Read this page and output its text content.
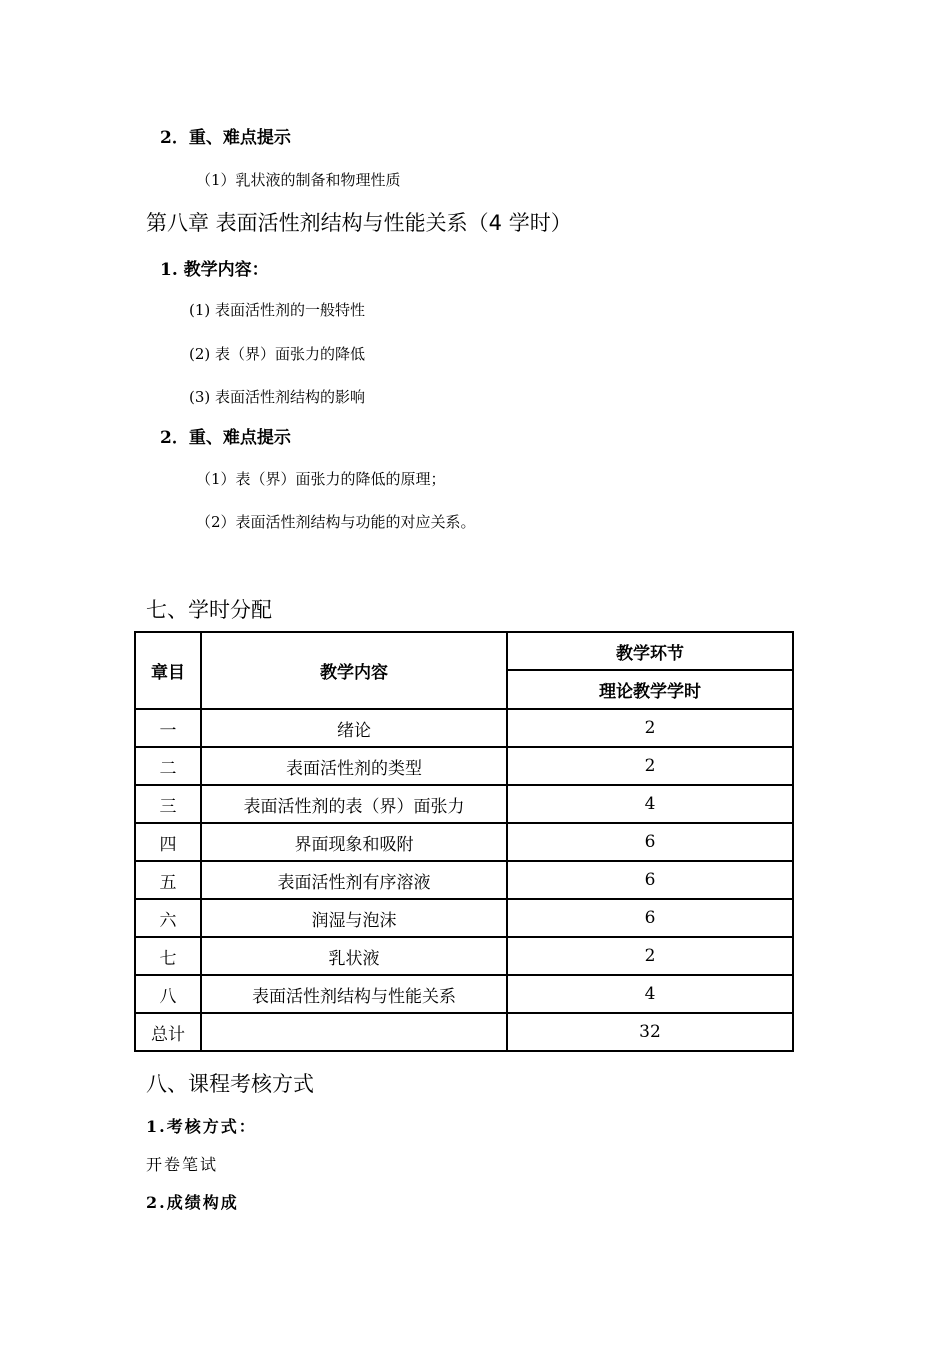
2．重、难点提示
（1）乳状液的制备和物理性质
第八章 表面活性剂结构与性能关系（4 学时）
1. 教学内容：
(1) 表面活性剂的一般特性
(2) 表（界）面张力的降低
(3) 表面活性剂结构的影响
2．重、难点提示
（1）表（界）面张力的降低的原理；
（2）表面活性剂结构与功能的对应关系。
七、学时分配
章目	教学内容	教学环节
		理论教学学时
一	绪论	2
二	表面活性剂的类型	2
三	表面活性剂的表（界）面张力	4
四	界面现象和吸附	6
五	表面活性剂有序溶液	6
六	润湿与泡沫	6
七	乳状液	2
八	表面活性剂结构与性能关系	4
总计		32
八、课程考核方式
1.考核方式：
开卷笔试
2.成绩构成
